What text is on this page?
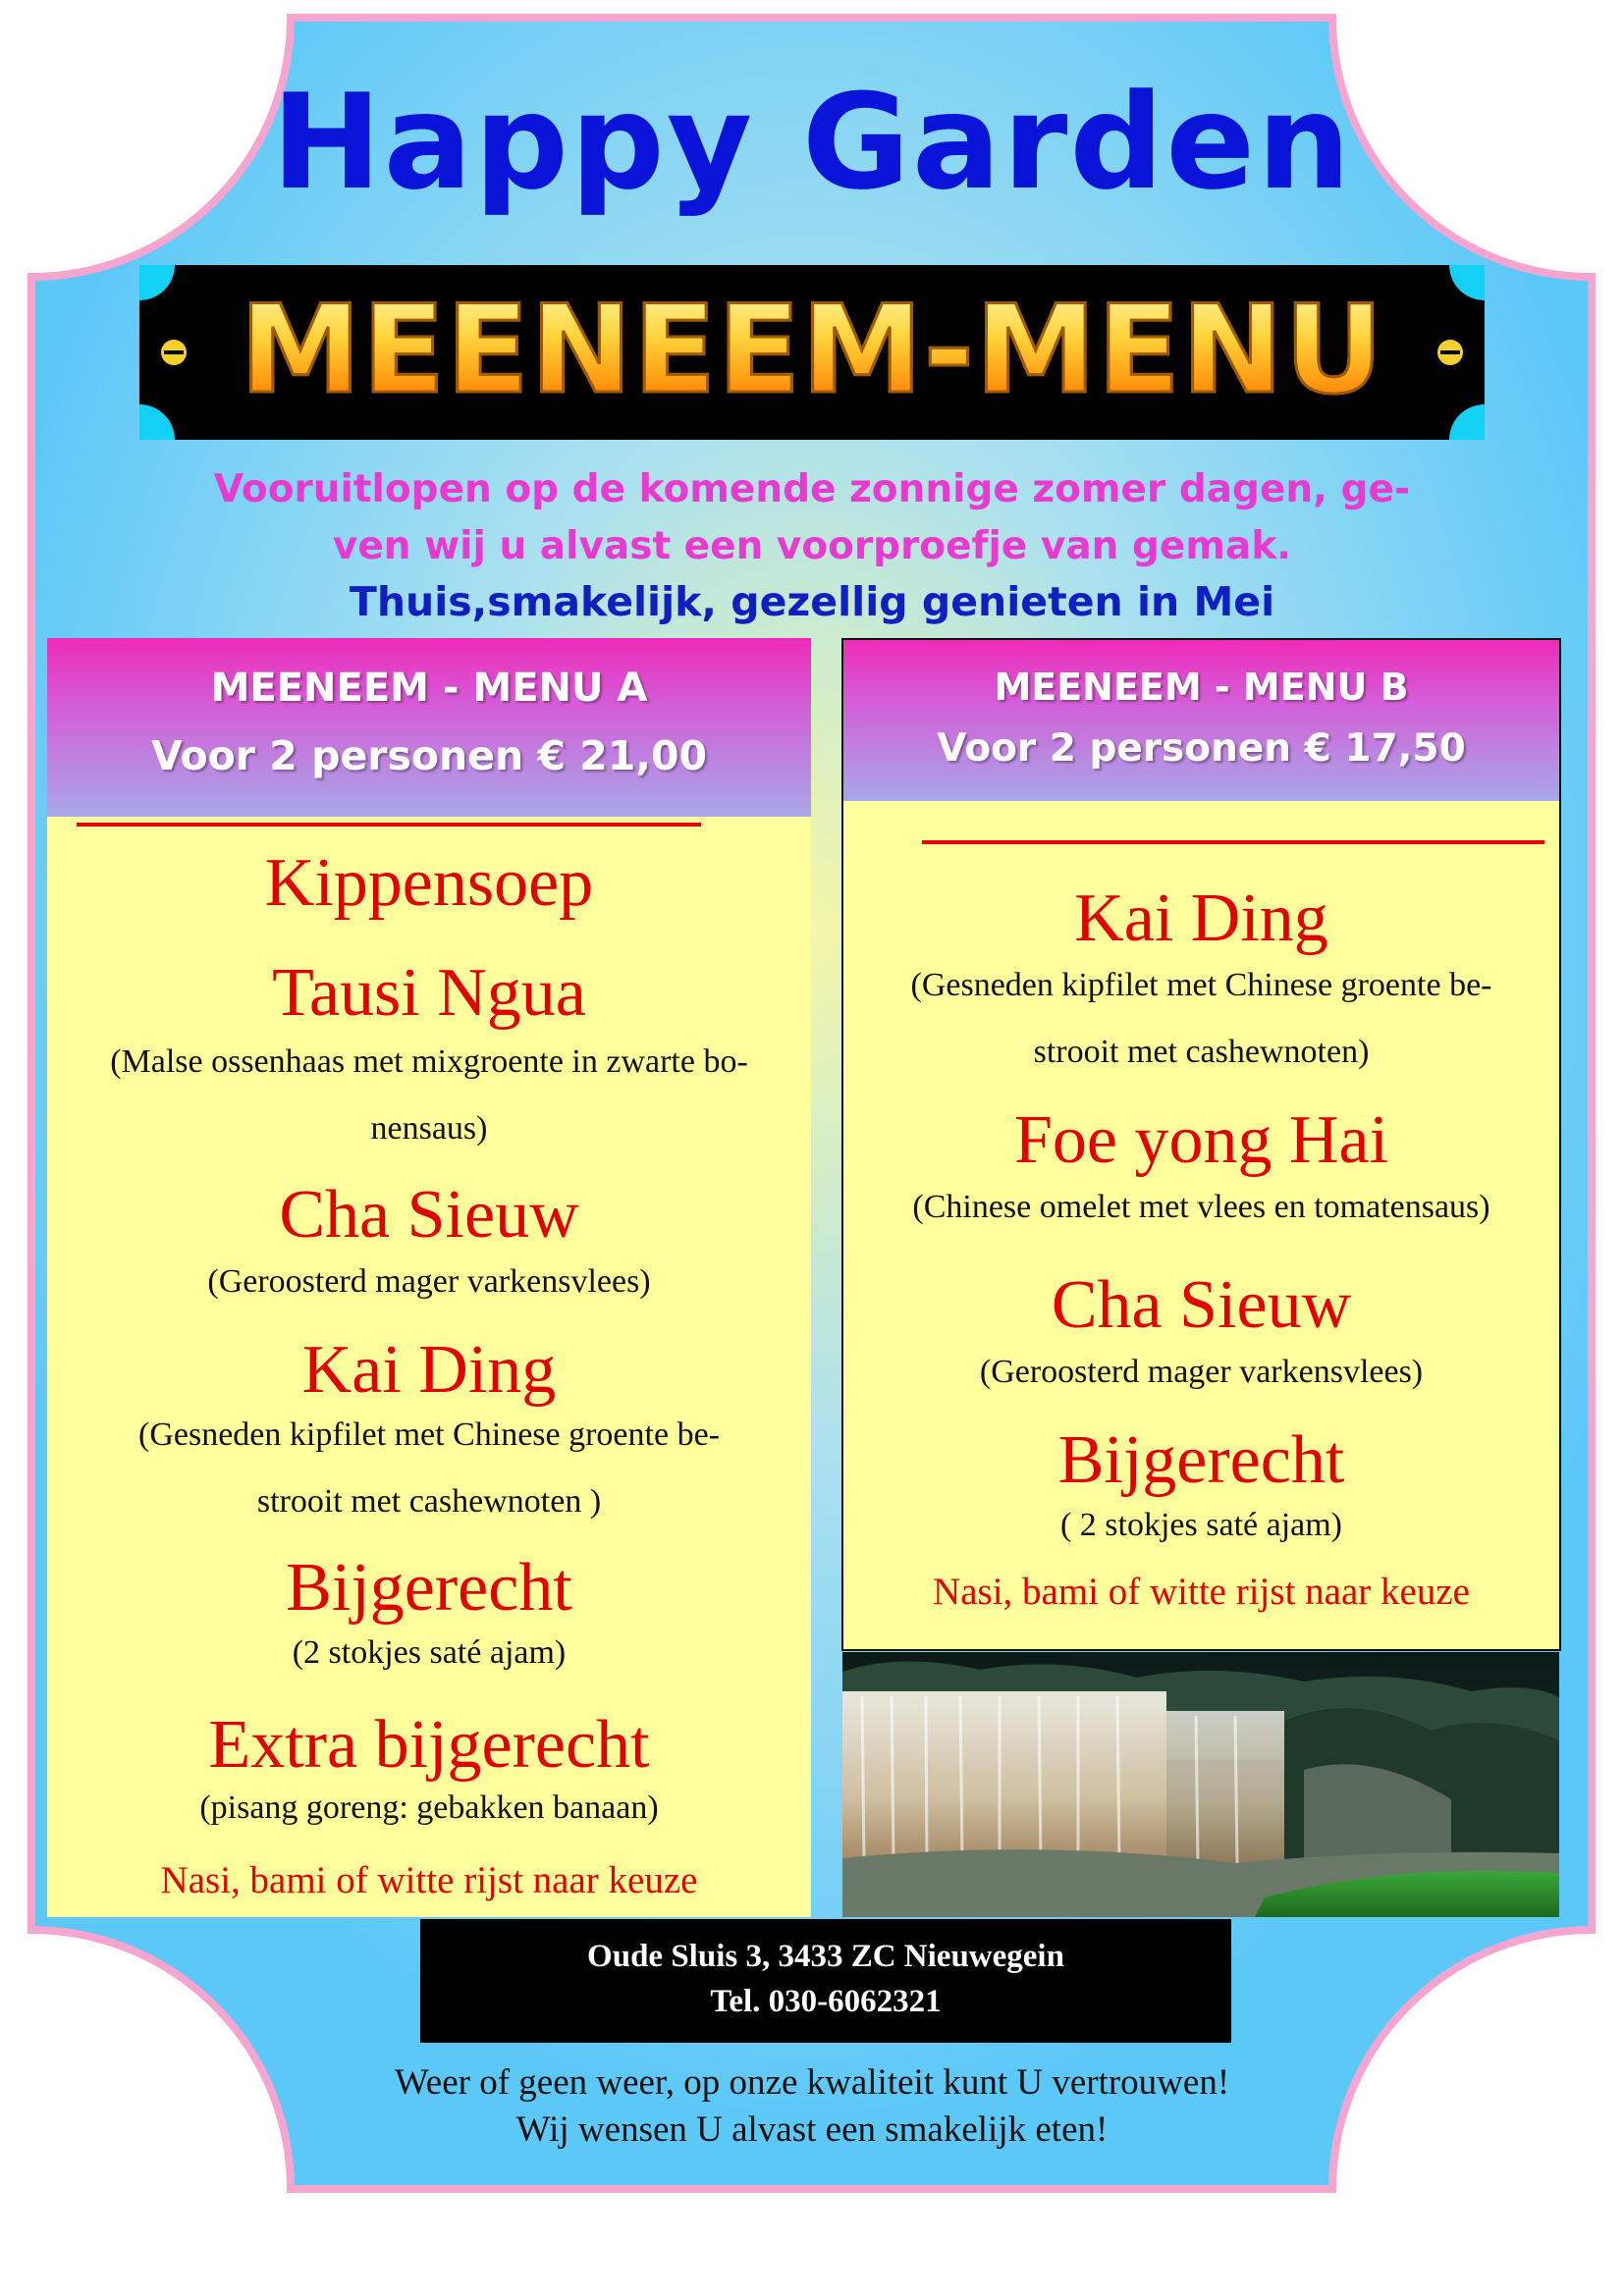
Happy Garden
MEENEEM-MENU
Vooruitlopen op de komende zonnige zomer dagen, ge-
ven wij u alvast een voorproefje van gemak.
Thuis,smakelijk, gezellig genieten in Mei
MEENEEM - MENU A
Voor 2 personen € 21,00
Kippensoep
Tausi Ngua
(Malse ossenhaas met mixgroente in zwarte bo-
nensaus)
Cha Sieuw
(Geroosterd mager varkensvlees)
Kai Ding
(Gesneden kipfilet met Chinese groente be-
strooit met cashewnoten )
Bijgerecht
(2 stokjes saté ajam)
Extra bijgerecht
(pisang goreng: gebakken banaan)
Nasi, bami of witte rijst naar keuze
MEENEEM - MENU B
Voor 2 personen € 17,50
Kai Ding
(Gesneden kipfilet met Chinese groente be-
strooit met cashewnoten)
Foe yong Hai
(Chinese omelet met vlees en tomatensaus)
Cha Sieuw
(Geroosterd mager varkensvlees)
Bijgerecht
( 2 stokjes saté ajam)
Nasi, bami of witte rijst naar keuze
Oude Sluis 3, 3433 ZC Nieuwegein
Tel. 030-6062321
Weer of geen weer, op onze kwaliteit kunt U vertrouwen!
Wij wensen U alvast een smakelijk eten!
